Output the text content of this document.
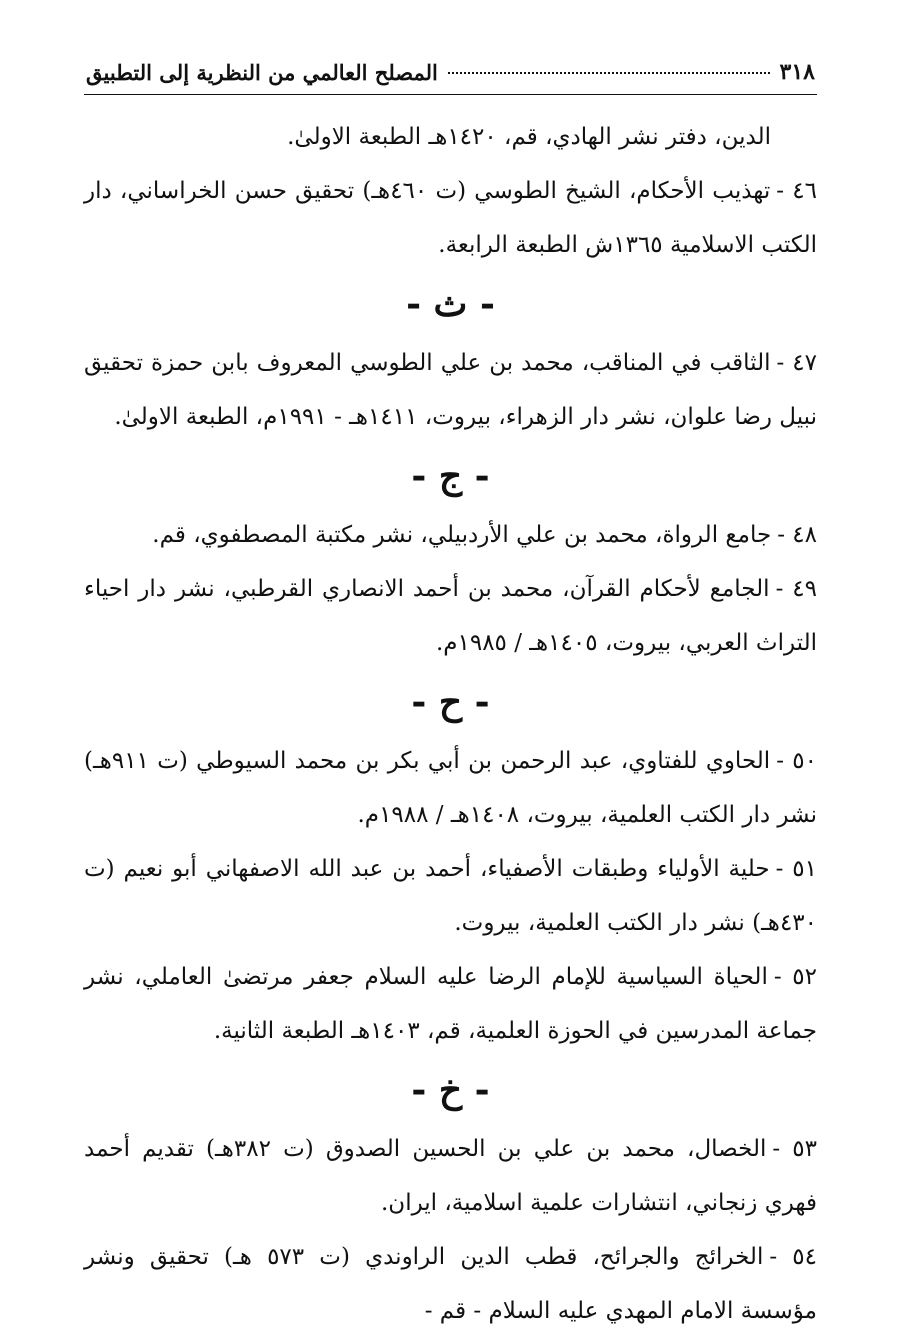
٣١٨
المصلح العالمي من النظرية إلى التطبيق
الدين، دفتر نشر الهادي، قم، ١٤٢٠هـ الطبعة الاولىٰ.
٤٦ -تهذيب الأحكام، الشيخ الطوسي (ت ٤٦٠هـ) تحقيق حسن الخراساني، دار الكتب الاسلامية ١٣٦٥ش الطبعة الرابعة.
- ث -
٤٧ -الثاقب في المناقب، محمد بن علي الطوسي المعروف بابن حمزة تحقيق نبيل رضا علوان، نشر دار الزهراء، بيروت، ١٤١١هـ - ١٩٩١م، الطبعة الاولىٰ.
- ج -
٤٨ -جامع الرواة، محمد بن علي الأردبيلي، نشر مكتبة المصطفوي، قم.
٤٩ -الجامع لأحكام القرآن، محمد بن أحمد الانصاري القرطبي، نشر دار احياء التراث العربي، بيروت، ١٤٠٥هـ / ١٩٨٥م.
- ح -
٥٠ -الحاوي للفتاوي، عبد الرحمن بن أبي بكر بن محمد السيوطي (ت ٩١١هـ) نشر دار الكتب العلمية، بيروت، ١٤٠٨هـ / ١٩٨٨م.
٥١ -حلية الأولياء وطبقات الأصفياء، أحمد بن عبد الله الاصفهاني أبو نعيم (ت ٤٣٠هـ) نشر دار الكتب العلمية، بيروت.
٥٢ -الحياة السياسية للإمام الرضا عليه السلام جعفر مرتضىٰ العاملي، نشر جماعة المدرسين في الحوزة العلمية، قم، ١٤٠٣هـ الطبعة الثانية.
- خ -
٥٣ -الخصال، محمد بن علي بن الحسين الصدوق (ت ٣٨٢هـ) تقديم أحمد فهري زنجاني، انتشارات علمية اسلامية، ايران.
٥٤ -الخرائج والجرائح، قطب الدين الراوندي (ت ٥٧٣ هـ) تحقيق ونشر مؤسسة الامام المهدي عليه السلام - قم -
